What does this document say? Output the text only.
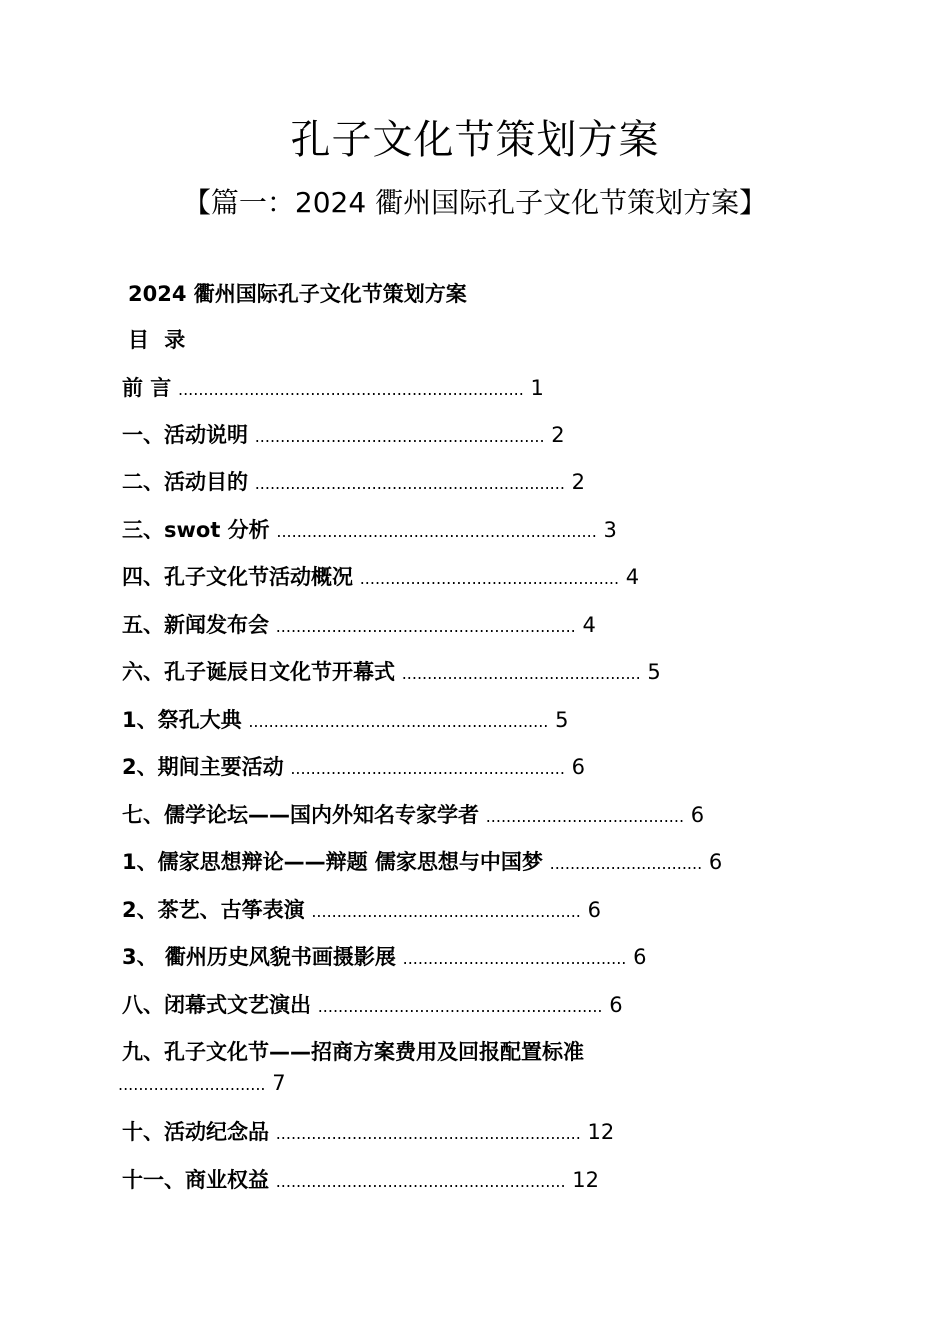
孔子文化节策划方案
【篇一：2024 衢州国际孔子文化节策划方案】
2024 衢州国际孔子文化节策划方案
目 录
前 言 .................................................................... 1
一、活动说明 ......................................................... 2
二、活动目的 ............................................................. 2
三、swot 分析 ............................................................... 3
四、孔子文化节活动概况 ................................................... 4
五、新闻发布会 ........................................................... 4
六、孔子诞辰日文化节开幕式 ............................................... 5
1、祭孔大典 ........................................................... 5
2、期间主要活动 ...................................................... 6
七、儒学论坛——国内外知名专家学者 ....................................... 6
1、儒家思想辩论——辩题 儒家思想与中国梦 .............................. 6
2、茶艺、古筝表演 ..................................................... 6
3、 衢州历史风貌书画摄影展 ............................................ 6
八、闭幕式文艺演出 ........................................................ 6
九、孔子文化节——招商方案费用及回报配置标准
............................. 7
十、活动纪念品 ............................................................ 12
十一、商业权益 ......................................................... 12
